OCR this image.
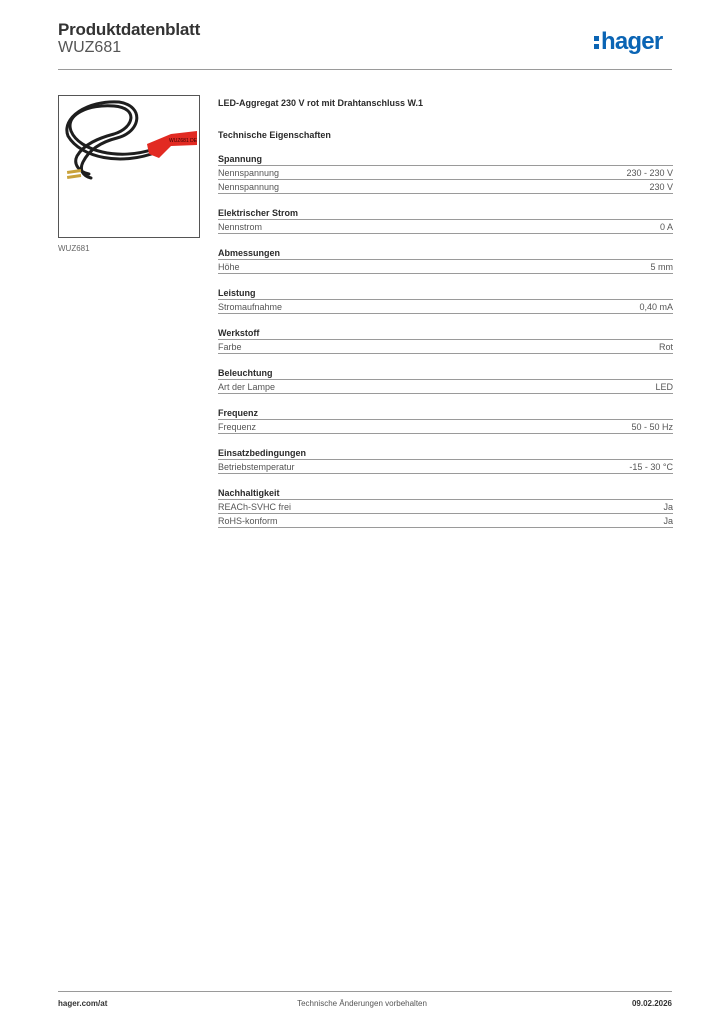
Produktdatenblatt
WUZ681	hager
WUZ681 DE
WUZ681
LED-Aggregat 230 V rot mit Drahtanschluss W.1
Technische Eigenschaften
Spannung
Nennspannung	230 - 230 V
Nennspannung	230 V
Elektrischer Strom
Nennstrom	0 A
Abmessungen
Höhe	5 mm
Leistung
Stromaufnahme	0,40 mA
Werkstoff
Farbe	Rot
Beleuchtung
Art der Lampe	LED
Frequenz
Frequenz	50 - 50 Hz
Einsatzbedingungen
Betriebstemperatur	-15 - 30 °C
Nachhaltigkeit
REACh-SVHC frei	Ja
RoHS-konform	Ja
hager.com/at	Technische Änderungen vorbehalten	09.02.2026
